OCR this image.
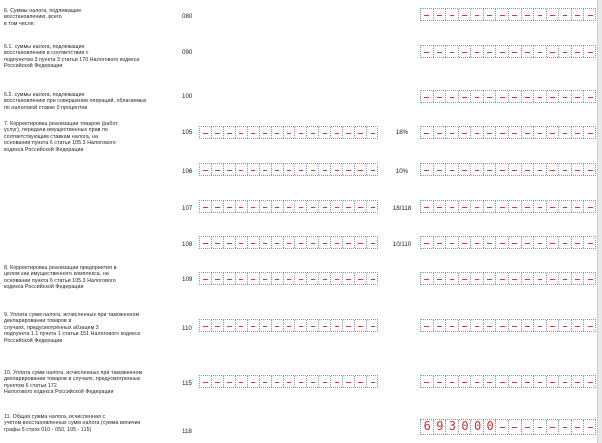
6. Суммы налога, подлежащие
восстановлению, всего
в том числе:
080
6.1. суммы налога, подлежащие
восстановлению в соответствии с
подпунктом 3 пункта 3 статьи 170 Налогового кодекса
Российской Федерации
090
6.2. суммы налога, подлежащие
восстановлению при совершении операций, облагаемых
по налоговой ставке 0 процентов
100
7. Корректировка реализации товаров (работ,
услуг), передачи имущественных прав по
соответствующим ставкам налога, на
основании пункта 6 статьи 105.3 Налогового
кодекса Российской Федерации
105	18%
106	10%
107	18/118
108	10/110
8. Корректировка реализации предприятия в
целом как имущественного комплекса, на
основании пункта 6 статьи 105.3 Налогового
кодекса Российской Федерации
109
9. Уплата сумм налога, исчисленных при таможенном
декларировании товаров в
случаях, предусмотренных абзацем 3
подпункта 1.1 пункта 1 статьи 151 Налогового кодекса
Российской Федерации
110
10. Уплата сумм налога, исчисленных при таможенном
декларировании товаров в случаях, предусмотренных
пунктом 6 статьи 172
Налогового кодекса Российской Федерации
115
11. Общая сумма налога, исчисленная с
учетом восстановленных сумм налога (сумма величин
графы 5 строк 010 - 050, 105 - 115)	118	6 9 3 0 0 0
